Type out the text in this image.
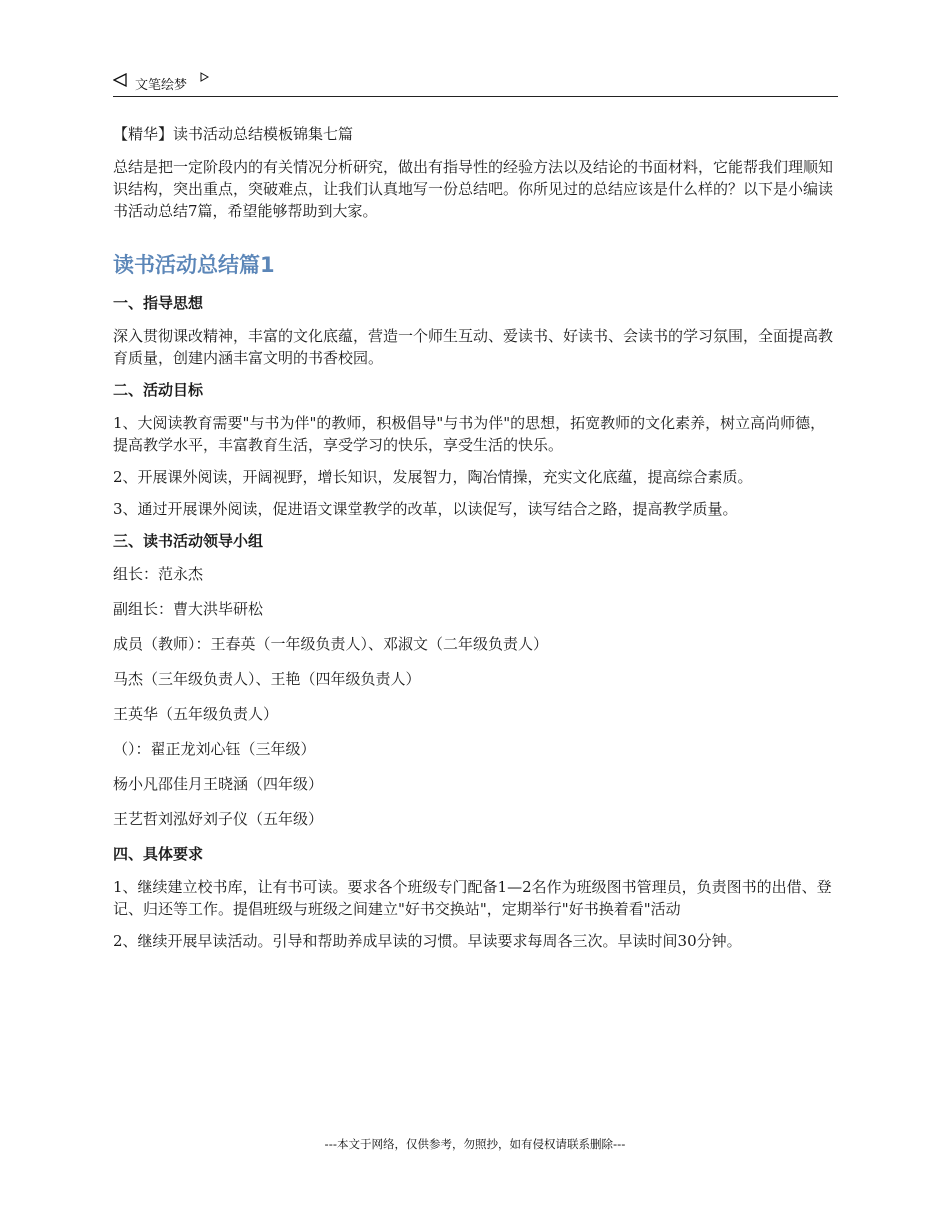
文笔绘梦
【精华】读书活动总结模板锦集七篇
总结是把一定阶段内的有关情况分析研究，做出有指导性的经验方法以及结论的书面材料，它能帮我们理顺知识结构，突出重点，突破难点，让我们认真地写一份总结吧。你所见过的总结应该是什么样的？以下是小编读书活动总结7篇，希望能够帮助到大家。
读书活动总结篇1
一、指导思想
深入贯彻课改精神，丰富的文化底蕴，营造一个师生互动、爱读书、好读书、会读书的学习氛围，全面提高教育质量，创建内涵丰富文明的书香校园。
二、活动目标
1、大阅读教育需要"与书为伴"的教师，积极倡导"与书为伴"的思想，拓宽教师的文化素养，树立高尚师德，提高教学水平，丰富教育生活，享受学习的快乐，享受生活的快乐。
2、开展课外阅读，开阔视野，增长知识，发展智力，陶冶情操，充实文化底蕴，提高综合素质。
3、通过开展课外阅读，促进语文课堂教学的改革，以读促写，读写结合之路，提高教学质量。
三、读书活动领导小组
组长：范永杰
副组长：曹大洪毕研松
成员（教师）：王春英（一年级负责人）、邓淑文（二年级负责人）
马杰（三年级负责人）、王艳（四年级负责人）
王英华（五年级负责人）
（）：翟正龙刘心钰（三年级）
杨小凡邵佳月王晓涵（四年级）
王艺哲刘泓妤刘子仪（五年级）
四、具体要求
1、继续建立校书库，让有书可读。要求各个班级专门配备1—2名作为班级图书管理员，负责图书的出借、登记、归还等工作。提倡班级与班级之间建立"好书交换站"，定期举行"好书换着看"活动
2、继续开展早读活动。引导和帮助养成早读的习惯。早读要求每周各三次。早读时间30分钟。
---本文于网络，仅供参考，勿照抄，如有侵权请联系删除---
